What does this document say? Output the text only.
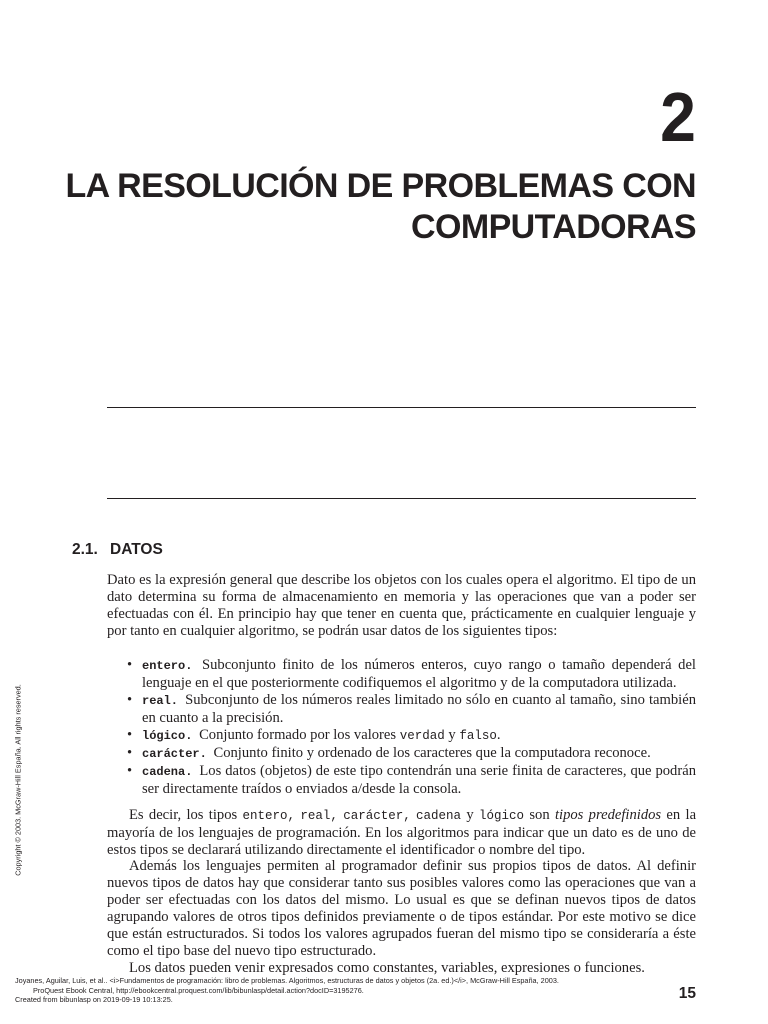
2
LA RESOLUCIÓN DE PROBLEMAS CON
COMPUTADORAS
2.1. DATOS

Dato es la expresión general que describe los objetos con los cuales opera el algoritmo. El tipo de un dato determina su forma de almacenamiento en memoria y las operaciones que van a poder ser efectuadas con él. En principio hay que tener en cuenta que, prácticamente en cualquier lenguaje y por tanto en cualquier algoritmo, se podrán usar datos de los siguientes tipos:

• entero. Subconjunto finito de los números enteros, cuyo rango o tamaño dependerá del lenguaje en el que posteriormente codifiquemos el algoritmo y de la computadora utilizada.
• real. Subconjunto de los números reales limitado no sólo en cuanto al tamaño, sino también en cuanto a la precisión.
• lógico. Conjunto formado por los valores verdad y falso.
• carácter. Conjunto finito y ordenado de los caracteres que la computadora reconoce.
• cadena. Los datos (objetos) de este tipo contendrán una serie finita de caracteres, que podrán ser directamente traídos o enviados a/desde la consola.

Es decir, los tipos entero, real, carácter, cadena y lógico son tipos predefinidos en la mayoría de los lenguajes de programación. En los algoritmos para indicar que un dato es de uno de estos tipos se declarará utilizando directamente el identificador o nombre del tipo.

Además los lenguajes permiten al programador definir sus propios tipos de datos. Al definir nuevos tipos de datos hay que considerar tanto sus posibles valores como las operaciones que van a poder ser efectuadas con los datos del mismo. Lo usual es que se definan nuevos tipos de datos agrupando valores de otros tipos definidos previamente o de tipos estándar. Por este motivo se dice que están estructurados. Si todos los valores agrupados fueran del mismo tipo se consideraría a éste como el tipo base del nuevo tipo estructurado.

Los datos pueden venir expresados como constantes, variables, expresiones o funciones.

Copyright © 2003. McGraw-Hill España. All rights reserved.
Joyanes, Aguilar, Luis, et al.. <i>Fundamentos de programación: libro de problemas. Algoritmos, estructuras de datos y objetos (2a. ed.)</i>, McGraw-Hill España, 2003.
ProQuest Ebook Central, http://ebookcentral.proquest.com/lib/bibunlasp/detail.action?docID=3195276.
Created from bibunlasp on 2019-09-19 10:13:25.	15
